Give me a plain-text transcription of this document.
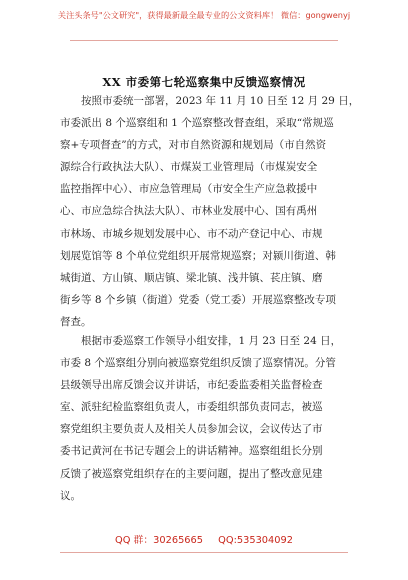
关注头条号"公文研究"，获得最新最全最专业的公文资料库！ 微信：gongwenyj
XX 市委第七轮巡察集中反馈巡察情况
按照市委统一部署，2023 年 11 月 10 日至 12 月 29 日，
市委派出 8 个巡察组和 1 个巡察整改督查组，采取“常规巡
察+专项督查”的方式，对市自然资源和规划局（市自然资
源综合行政执法大队）、市煤炭工业管理局（市煤炭安全
监控指挥中心）、市应急管理局（市安全生产应急救援中
心、市应急综合执法大队）、市林业发展中心、国有禹州
市林场、市城乡规划发展中心、市不动产登记中心、市规
划展览馆等 8 个单位党组织开展常规巡察；对颍川街道、韩
城街道、方山镇、顺店镇、梁北镇、浅井镇、苌庄镇、磨
街乡等 8 个乡镇（街道）党委（党工委）开展巡察整改专项
督查。
根据市委巡察工作领导小组安排，1 月 23 日至 24 日，
市委 8 个巡察组分别向被巡察党组织反馈了巡察情况。分管
县级领导出席反馈会议并讲话，市纪委监委相关监督检查
室、派驻纪检监察组负责人，市委组织部负责同志，被巡
察党组织主要负责人及相关人员参加会议，会议传达了市
委书记黄河在书记专题会上的讲话精神。巡察组组长分别
反馈了被巡察党组织存在的主要问题，提出了整改意见建
议。
QQ 群：30265665 QQ:535304092
